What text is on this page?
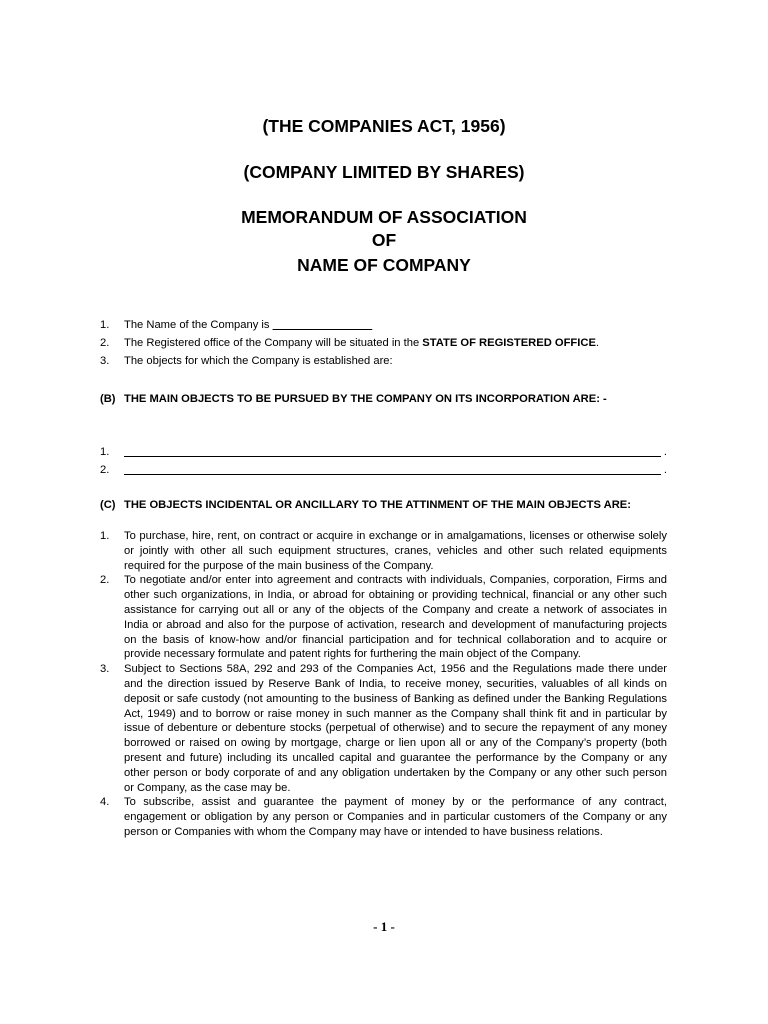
(THE COMPANIES ACT, 1956)
(COMPANY LIMITED BY SHARES)
MEMORANDUM OF ASSOCIATION
OF
NAME OF COMPANY
1.	The Name of the Company is ________________
2.	The Registered office of the Company will be situated in the STATE OF REGISTERED OFFICE.
3.	The objects for which the Company is established are:
(B) THE MAIN OBJECTS TO BE PURSUED BY THE COMPANY ON ITS INCORPORATION ARE: -
1.	.
2.	.
(C) THE OBJECTS INCIDENTAL OR ANCILLARY TO THE ATTINMENT OF THE MAIN OBJECTS ARE:
1.	To purchase, hire, rent, on contract or acquire in exchange or in amalgamations, licenses or otherwise solely or jointly with other all such equipment structures, cranes, vehicles and other such related equipments required for the purpose of the main business of the Company.
2.	To negotiate and/or enter into agreement and contracts with individuals, Companies, corporation, Firms and other such organizations, in India, or abroad for obtaining or providing technical, financial or any other such assistance for carrying out all or any of the objects of the Company and create a network of associates in India or abroad and also for the purpose of activation, research and development of manufacturing projects on the basis of know-how and/or financial participation and for technical collaboration and to acquire or provide necessary formulate and patent rights for furthering the main object of the Company.
3.	Subject to Sections 58A, 292 and 293 of the Companies Act, 1956 and the Regulations made there under and the direction issued by Reserve Bank of India, to receive money, securities, valuables of all kinds on deposit or safe custody (not amounting to the business of Banking as defined under the Banking Regulations Act, 1949) and to borrow or raise money in such manner as the Company shall think fit and in particular by issue of debenture or debenture stocks (perpetual of otherwise) and to secure the repayment of any money borrowed or raised on owing by mortgage, charge or lien upon all or any of the Company’s property (both present and future) including its uncalled capital and guarantee the performance by the Company or any other person or body corporate of and any obligation undertaken by the Company or any other such person or Company, as the case may be.
4.	To subscribe, assist and guarantee the payment of money by or the performance of any contract, engagement or obligation by any person or Companies and in particular customers of the Company or any person or Companies with whom the Company may have or intended to have business relations.
- 1 -
